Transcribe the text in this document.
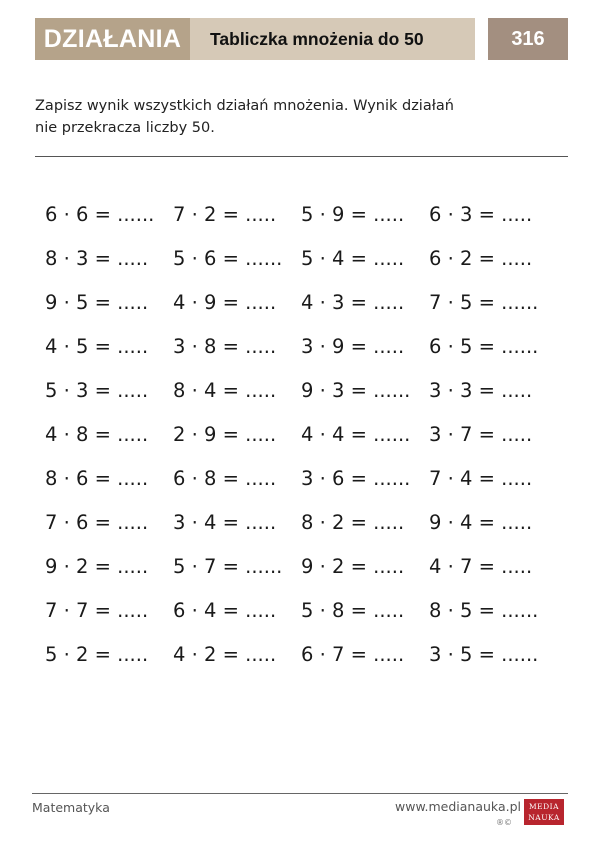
DZIAŁANIA	Tabliczka mnożenia do 50	316
Zapisz wynik wszystkich działań mnożenia. Wynik działań
nie przekracza liczby 50.
6 · 6 = ...... 7 · 2 = .....	5 · 9 = .....	6 · 3 = .....
8 · 3 = .....	5 · 6 = ...... 5 · 4 = .....	6 · 2 = .....
9 · 5 = .....	4 · 9 = .....	4 · 3 = .....	7 · 5 = ......
4 · 5 = .....	3 · 8 = .....	3 · 9 = .....	6 · 5 = ......
5 · 3 = .....	8 · 4 = .....	9 · 3 = ...... 3 · 3 = .....
4 · 8 = .....	2 · 9 = .....	4 · 4 = ...... 3 · 7 = .....
8 · 6 = .....	6 · 8 = .....	3 · 6 = ...... 7 · 4 = .....
7 · 6 = .....	3 · 4 = .....	8 · 2 = .....	9 · 4 = .....
9 · 2 = .....	5 · 7 = ...... 9 · 2 = .....	4 · 7 = .....
7 · 7 = .....	6 · 4 = .....	5 · 8 = .....	8 · 5 = ......
5 · 2 = .....	4 · 2 = .....	6 · 7 = .....	3 · 5 = ......
Matematyka	www.medianauka.pl
®©
MEDIA
NAUKA
